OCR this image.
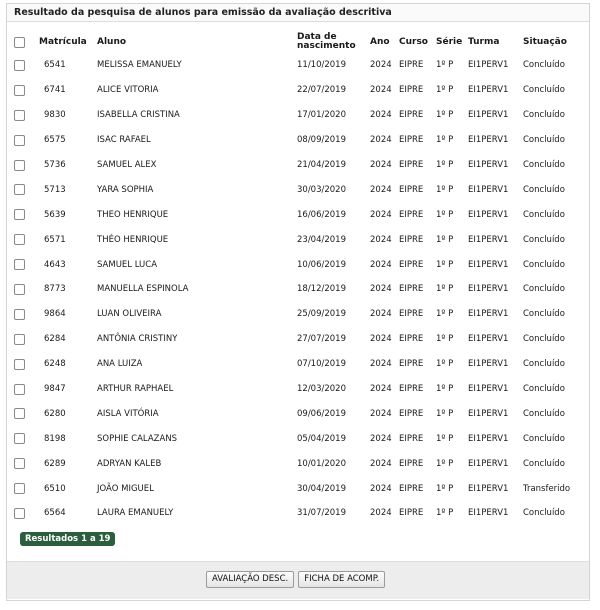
Resultado da pesquisa de alunos para emissão da avaliação descritiva
	Matrícula	Aluno	Data de
nascimento	Ano	Curso	Série	Turma	Situação
	6541	MELISSA EMANUELY	11/10/2019	2024	EIPRE	1º P	EI1PERV1	Concluído
	6741	ALICE VITORIA	22/07/2019	2024	EIPRE	1º P	EI1PERV1	Concluído
	9830	ISABELLA CRISTINA	17/01/2020	2024	EIPRE	1º P	EI1PERV1	Concluído
	6575	ISAC RAFAEL	08/09/2019	2024	EIPRE	1º P	EI1PERV1	Concluído
	5736	SAMUEL ALEX	21/04/2019	2024	EIPRE	1º P	EI1PERV1	Concluído
	5713	YARA SOPHIA	30/03/2020	2024	EIPRE	1º P	EI1PERV1	Concluído
	5639	THEO HENRIQUE	16/06/2019	2024	EIPRE	1º P	EI1PERV1	Concluído
	6571	THÉO HENRIQUE	23/04/2019	2024	EIPRE	1º P	EI1PERV1	Concluído
	4643	SAMUEL LUCA	10/06/2019	2024	EIPRE	1º P	EI1PERV1	Concluído
	8773	MANUELLA ESPINOLA	18/12/2019	2024	EIPRE	1º P	EI1PERV1	Concluído
	9864	LUAN OLIVEIRA	25/09/2019	2024	EIPRE	1º P	EI1PERV1	Concluído
	6284	ANTÔNIA CRISTINY	27/07/2019	2024	EIPRE	1º P	EI1PERV1	Concluído
	6248	ANA LUIZA	07/10/2019	2024	EIPRE	1º P	EI1PERV1	Concluído
	9847	ARTHUR RAPHAEL	12/03/2020	2024	EIPRE	1º P	EI1PERV1	Concluído
	6280	AISLA VITÓRIA	09/06/2019	2024	EIPRE	1º P	EI1PERV1	Concluído
	8198	SOPHIE CALAZANS	05/04/2019	2024	EIPRE	1º P	EI1PERV1	Concluído
	6289	ADRYAN KALEB	10/01/2020	2024	EIPRE	1º P	EI1PERV1	Concluído
	6510	JOÃO MIGUEL	30/04/2019	2024	EIPRE	1º P	EI1PERV1	Transferido
	6564	LAURA EMANUELY	31/07/2019	2024	EIPRE	1º P	EI1PERV1	Concluído
Resultados 1 a 19
AVALIAÇÃO DESC.	FICHA DE ACOMP.
